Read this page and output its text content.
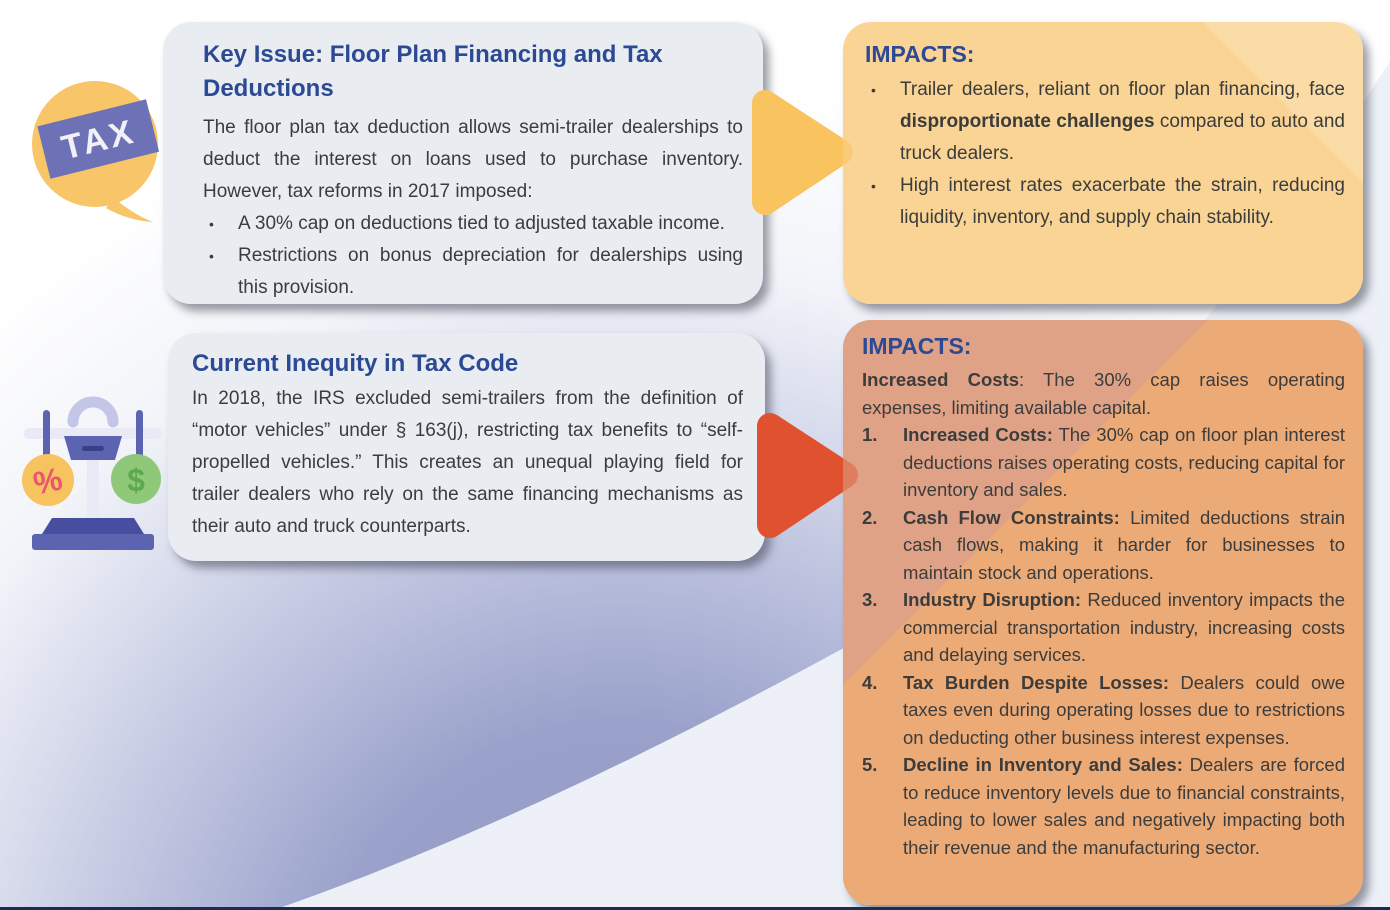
TAX
% $
Key Issue: Floor Plan Financing and Tax Deductions
The floor plan tax deduction allows semi-trailer dealerships to deduct the interest on loans used to purchase inventory. However, tax reforms in 2017 imposed:
•	A 30% cap on deductions tied to adjusted taxable income.
•	Restrictions on bonus depreciation for dealerships using this provision.
IMPACTS:
•	Trailer dealers, reliant on floor plan financing, face disproportionate challenges compared to auto and truck dealers.
•	High interest rates exacerbate the strain, reducing liquidity, inventory, and supply chain stability.
Current Inequity in Tax Code
In 2018, the IRS excluded semi-trailers from the definition of “motor vehicles” under § 163(j), restricting tax benefits to “self-propelled vehicles.” This creates an unequal playing field for trailer dealers who rely on the same financing mechanisms as their auto and truck counterparts.
IMPACTS:
Increased Costs: The 30% cap raises operating expenses, limiting available capital.
1.	Increased Costs: The 30% cap on floor plan interest deductions raises operating costs, reducing capital for inventory and sales.
2.	Cash Flow Constraints: Limited deductions strain cash flows, making it harder for businesses to maintain stock and operations.
3.	Industry Disruption: Reduced inventory impacts the commercial transportation industry, increasing costs and delaying services.
4.	Tax Burden Despite Losses: Dealers could owe taxes even during operating losses due to restrictions on deducting other business interest expenses.
5.	Decline in Inventory and Sales: Dealers are forced to reduce inventory levels due to financial constraints, leading to lower sales and negatively impacting both their revenue and the manufacturing sector.
